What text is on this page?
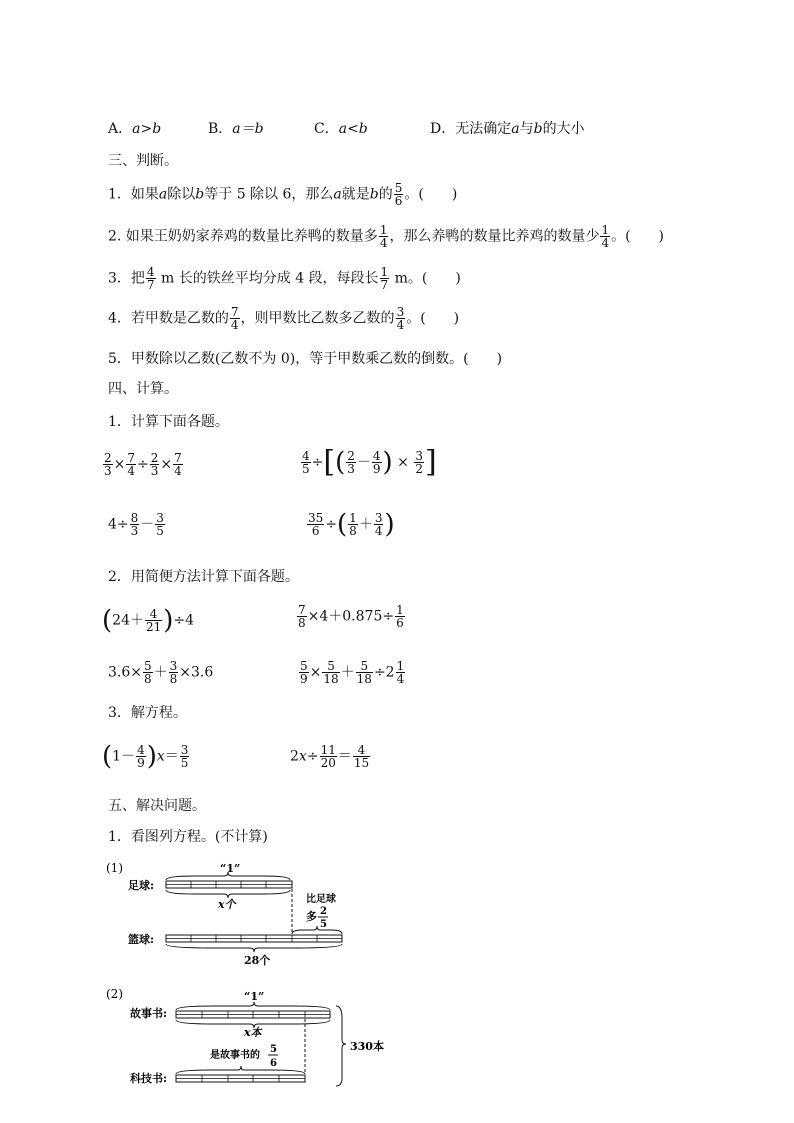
A．a>b	B．a＝b	C．a<b	D．无法确定a与b的大小
三、判断。
1．如果a除以b等于 5 除以 6，那么a就是b的 $\frac{5}{6}$ 。(　　)
2. 如果王奶奶家养鸡的数量比养鸭的数量多 $\frac{1}{4}$ ，那么养鸭的数量比养鸡的数量少 $\frac{1}{4}$ 。(　　)
3．把 $\frac{4}{7}$ m 长的铁丝平均分成 4 段，每段长 $\frac{1}{7}$ m。(　　)
4．若甲数是乙数的 $\frac{7}{4}$ ，则甲数比乙数多乙数的 $\frac{3}{4}$ 。(　　)
5．甲数除以乙数(乙数不为 0)，等于甲数乘乙数的倒数。(　　)
四、计算。
1．计算下面各题。
$\frac{2}{3} \times \frac{7}{4} \div \frac{2}{3} \times \frac{7}{4}$	$\frac{4}{5}$ ÷[( $\frac{2}{3} - \frac{4}{9}$ ) × $\frac{3}{2}$ ]
$4\div \frac{8}{3} - \frac{3}{5}$	$\frac{35}{6}$ ÷( $\frac{1}{8} + \frac{3}{4}$ )
2．用简便方法计算下面各题。
$(24+ \frac{4}{21} )\div 4$	$\frac{7}{8} \times 4+0.875\div \frac{1}{6}$
$3.6\times \frac{5}{8} + \frac{3}{8} \times 3.6$	$\frac{5}{9} \times \frac{5}{18} + \frac{5}{18} \div 2 \frac{1}{4}$
3．解方程。
$(1- \frac{4}{9} )x= \frac{3}{5}$	$2x\div \frac{11}{20} = \frac{4}{15}$
五、解决问题。
1．看图列方程。(不计算)
(1)	“1”
足球:
x个	比足球
多 2
5
篮球:
28个
(2)	“1”
故事书:
x本
是故事书的
5
6
科技书:
330本
